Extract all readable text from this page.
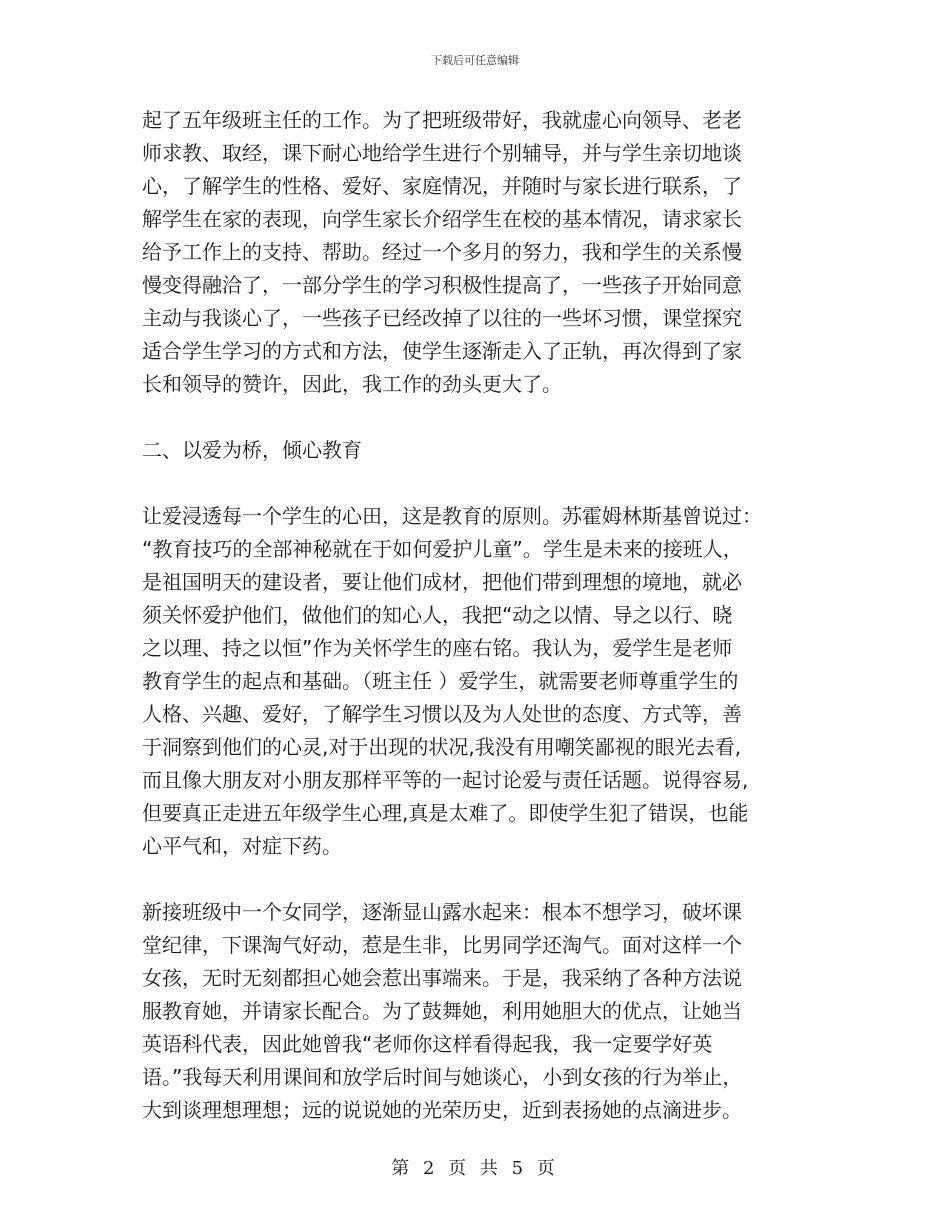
下载后可任意编辑
起了五年级班主任的工作。为了把班级带好，我就虚心向领导、老老
师求教、取经，课下耐心地给学生进行个别辅导，并与学生亲切地谈
心，了解学生的性格、爱好、家庭情况，并随时与家长进行联系，了
解学生在家的表现，向学生家长介绍学生在校的基本情况，请求家长
给予工作上的支持、帮助。经过一个多月的努力，我和学生的关系慢
慢变得融洽了，一部分学生的学习积极性提高了，一些孩子开始同意
主动与我谈心了，一些孩子已经改掉了以往的一些坏习惯，课堂探究
适合学生学习的方式和方法，使学生逐渐走入了正轨，再次得到了家
长和领导的赞许，因此，我工作的劲头更大了。
二、以爱为桥，倾心教育
让爱浸透每一个学生的心田，这是教育的原则。苏霍姆林斯基曾说过：
“教育技巧的全部神秘就在于如何爱护儿童”。学生是未来的接班人，
是祖国明天的建设者，要让他们成材，把他们带到理想的境地，就必
须关怀爱护他们，做他们的知心人，我把“动之以情、导之以行、晓
之以理、持之以恒”作为关怀学生的座右铭。我认为，爱学生是老师
教育学生的起点和基础。（班主任 ）爱学生，就需要老师尊重学生的
人格、兴趣、爱好，了解学生习惯以及为人处世的态度、方式等，善
于洞察到他们的心灵,对于出现的状况,我没有用嘲笑鄙视的眼光去看,
而且像大朋友对小朋友那样平等的一起讨论爱与责任话题。说得容易,
但要真正走进五年级学生心理,真是太难了。即使学生犯了错误，也能
心平气和，对症下药。
新接班级中一个女同学，逐渐显山露水起来：根本不想学习，破坏课
堂纪律，下课淘气好动，惹是生非，比男同学还淘气。面对这样一个
女孩，无时无刻都担心她会惹出事端来。于是，我采纳了各种方法说
服教育她，并请家长配合。为了鼓舞她，利用她胆大的优点，让她当
英语科代表，因此她曾我“老师你这样看得起我，我一定要学好英
语。”我每天利用课间和放学后时间与她谈心，小到女孩的行为举止，
大到谈理想理想；远的说说她的光荣历史，近到表扬她的点滴进步。
第 2 页 共 5 页
